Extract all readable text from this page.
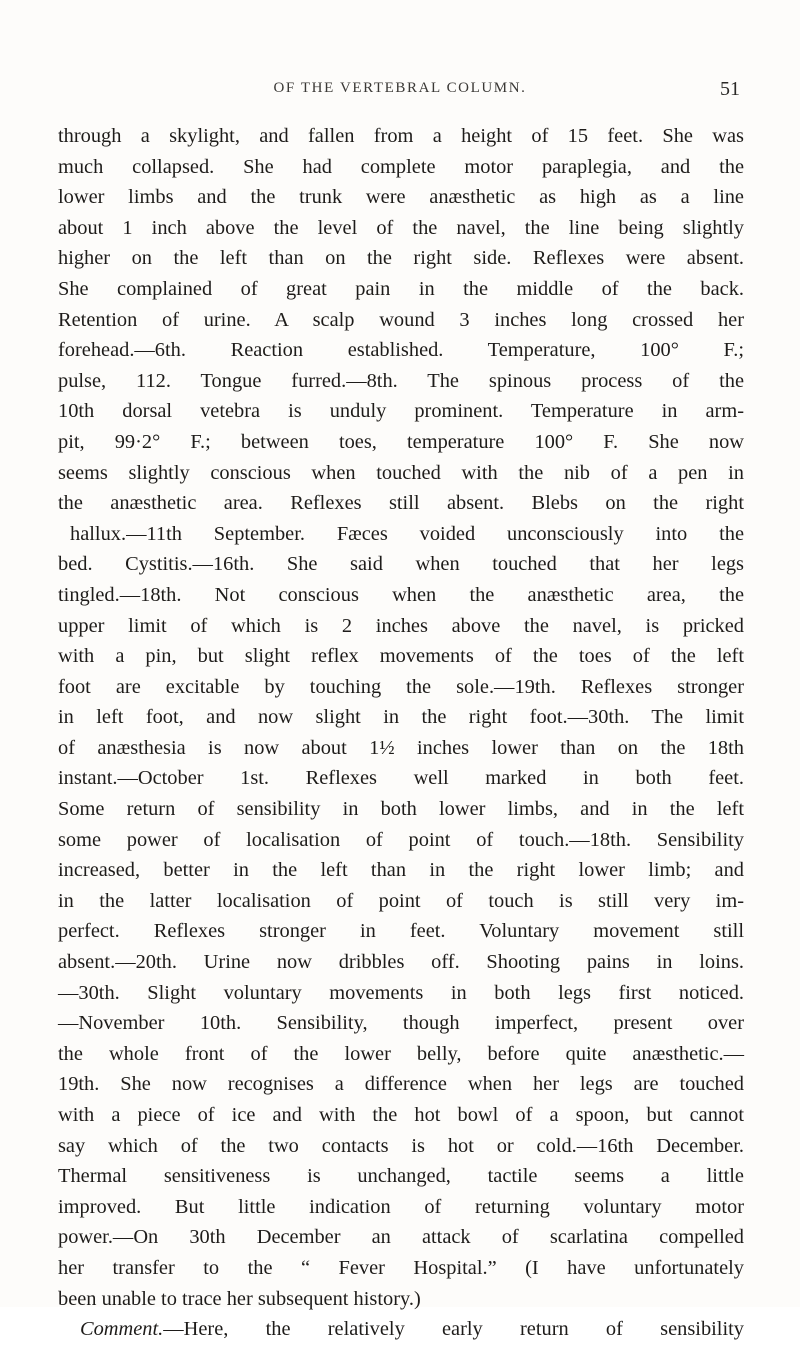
OF THE VERTEBRAL COLUMN.	51
through a skylight, and fallen from a height of 15 feet. She was
much collapsed. She had complete motor paraplegia, and the
lower limbs and the trunk were anæsthetic as high as a line
about 1 inch above the level of the navel, the line being slightly
higher on the left than on the right side. Reflexes were absent.
She complained of great pain in the middle of the back.
Retention of urine. A scalp wound 3 inches long crossed her
forehead.—6th. Reaction established. Temperature, 100° F.;
pulse, 112. Tongue furred.—8th. The spinous process of the
10th dorsal vetebra is unduly prominent. Temperature in arm-
pit, 99·2° F.; between toes, temperature 100° F. She now
seems slightly conscious when touched with the nib of a pen in
the anæsthetic area. Reflexes still absent. Blebs on the right
hallux.—11th September. Fæces voided unconsciously into the
bed. Cystitis.—16th. She said when touched that her legs
tingled.—18th. Not conscious when the anæsthetic area, the
upper limit of which is 2 inches above the navel, is pricked
with a pin, but slight reflex movements of the toes of the left
foot are excitable by touching the sole.—19th. Reflexes stronger
in left foot, and now slight in the right foot.—30th. The limit
of anæsthesia is now about 1½ inches lower than on the 18th
instant.—October 1st. Reflexes well marked in both feet.
Some return of sensibility in both lower limbs, and in the left
some power of localisation of point of touch.—18th. Sensibility
increased, better in the left than in the right lower limb; and
in the latter localisation of point of touch is still very im-
perfect. Reflexes stronger in feet. Voluntary movement still
absent.—20th. Urine now dribbles off. Shooting pains in loins.
—30th. Slight voluntary movements in both legs first noticed.
—November 10th. Sensibility, though imperfect, present over
the whole front of the lower belly, before quite anæsthetic.—
19th. She now recognises a difference when her legs are touched
with a piece of ice and with the hot bowl of a spoon, but cannot
say which of the two contacts is hot or cold.—16th December.
Thermal sensitiveness is unchanged, tactile seems a little
improved. But little indication of returning voluntary motor
power.—On 30th December an attack of scarlatina compelled
her transfer to the “ Fever Hospital.” (I have unfortunately
been unable to trace her subsequent history.)
Comment.—Here, the relatively early return of sensibility
